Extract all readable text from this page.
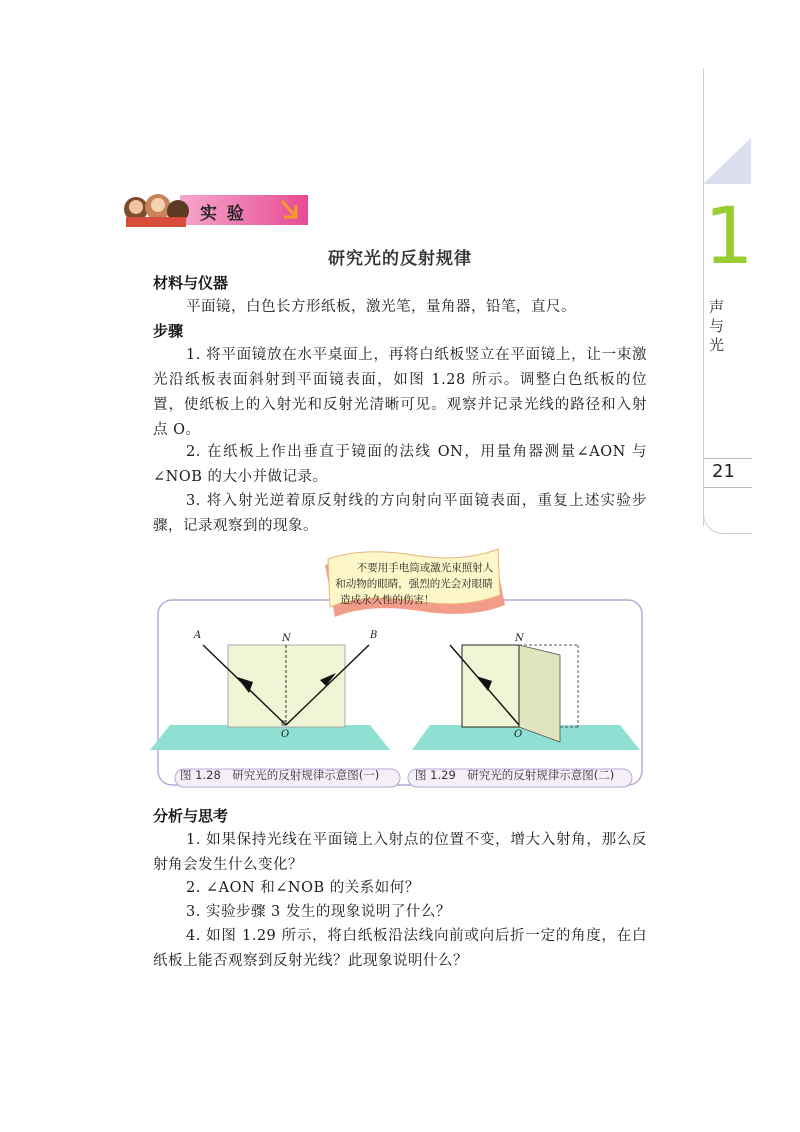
1
声与光
21
实 验
研究光的反射规律
材料与仪器
平面镜，白色长方形纸板，激光笔，量角器，铅笔，直尺。
步骤
1. 将平面镜放在水平桌面上，再将白纸板竖立在平面镜上，让一束激光沿纸板表面斜射到平面镜表面，如图 1.28 所示。调整白色纸板的位置，使纸板上的入射光和反射光清晰可见。观察并记录光线的路径和入射点 O。
2. 在纸板上作出垂直于镜面的法线 ON，用量角器测量∠AON 与∠NOB 的大小并做记录。
3. 将入射光逆着原反射线的方向射向平面镜表面，重复上述实验步骤，记录观察到的现象。
不要用手电筒或激光束照射人
和动物的眼睛，强烈的光会对眼睛
造成永久性的伤害！
A	B
N
O
N
O
图 1.28　研究光的反射规律示意图(一)	图 1.29　研究光的反射规律示意图(二)
分析与思考
1. 如果保持光线在平面镜上入射点的位置不变，增大入射角，那么反射角会发生什么变化？
2. ∠AON 和∠NOB 的关系如何？
3. 实验步骤 3 发生的现象说明了什么？
4. 如图 1.29 所示，将白纸板沿法线向前或向后折一定的角度，在白纸板上能否观察到反射光线？此现象说明什么？
